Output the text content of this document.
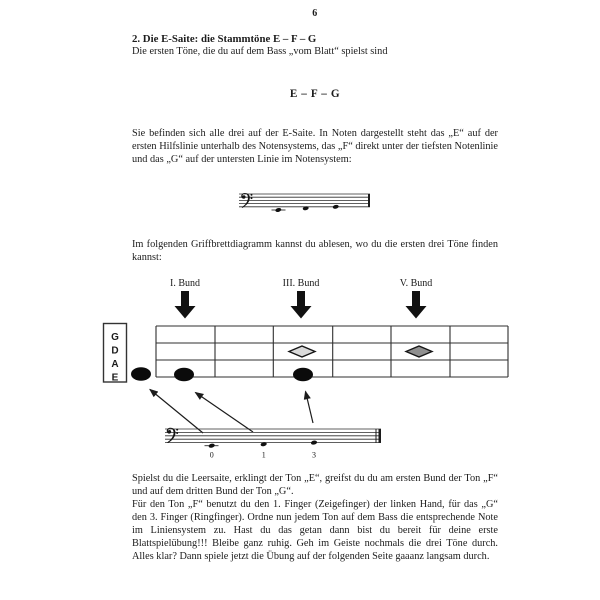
6
2. Die E-Saite: die Stammtöne E – F – G
Die ersten Töne, die du auf dem Bass „vom Blatt“ spielst sind
E – F – G

Sie befinden sich alle drei auf der E-Saite. In Noten dargestellt steht das „E“ auf der ersten Hilfslinie unterhalb des Notensystems, das „F“ direkt unter der tiefsten Notenlinie und das „G“ auf der untersten Linie im Notensystem:

Im folgenden Griffbrettdiagramm kannst du ablesen, wo du die ersten drei Töne finden kannst:

I. Bund	III. Bund	V. Bund
G
D
A
E
0	1	3

Spielst du die Leersaite, erklingt der Ton „E“, greifst du du am ersten Bund der Ton „F“ und auf dem dritten Bund der Ton „G“.

Für den Ton „F“ benutzt du den 1. Finger (Zeigefinger) der linken Hand, für das „G“ den 3. Finger (Ringfinger). Ordne nun jedem Ton auf dem Bass die entsprechende Note im Liniensystem zu. Hast du das getan dann bist du bereit für deine erste Blattspielübung!!! Bleibe ganz ruhig. Geh im Geiste nochmals die drei Töne durch. Alles klar? Dann spiele jetzt die Übung auf der folgenden Seite gaaanz langsam durch.
